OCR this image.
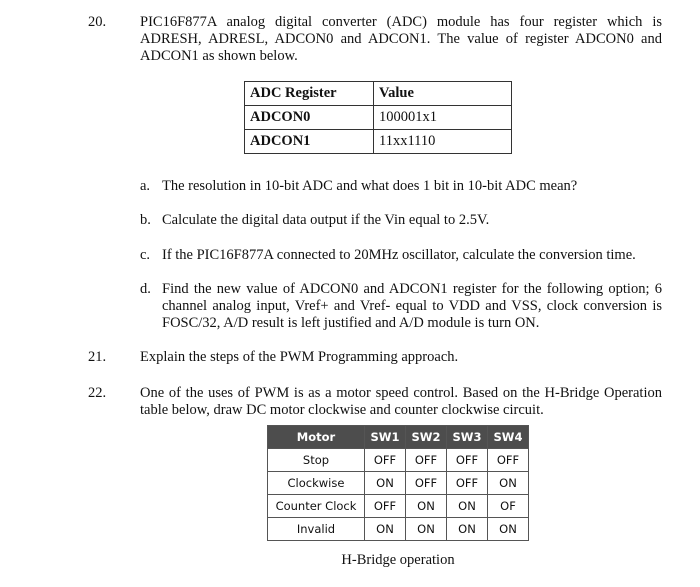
20. PIC16F877A analog digital converter (ADC) module has four register which is ADRESH, ADRESL, ADCON0 and ADCON1. The value of register ADCON0 and ADCON1 as shown below.
ADC Register	Value
ADCON0	100001x1
ADCON1	11xx1110
a. The resolution in 10-bit ADC and what does 1 bit in 10-bit ADC mean?
b. Calculate the digital data output if the Vin equal to 2.5V.
c. If the PIC16F877A connected to 20MHz oscillator, calculate the conversion time.
d. Find the new value of ADCON0 and ADCON1 register for the following option; 6 channel analog input, Vref+ and Vref- equal to VDD and VSS, clock conversion is FOSC/32, A/D result is left justified and A/D module is turn ON.
21. Explain the steps of the PWM Programming approach.
22. One of the uses of PWM is as a motor speed control. Based on the H-Bridge Operation table below, draw DC motor clockwise and counter clockwise circuit.
Motor	SW1	SW2	SW3	SW4
Stop	OFF	OFF	OFF	OFF
Clockwise	ON	OFF	OFF	ON
Counter Clock	OFF	ON	ON	OF
Invalid	ON	ON	ON	ON
H-Bridge operation
